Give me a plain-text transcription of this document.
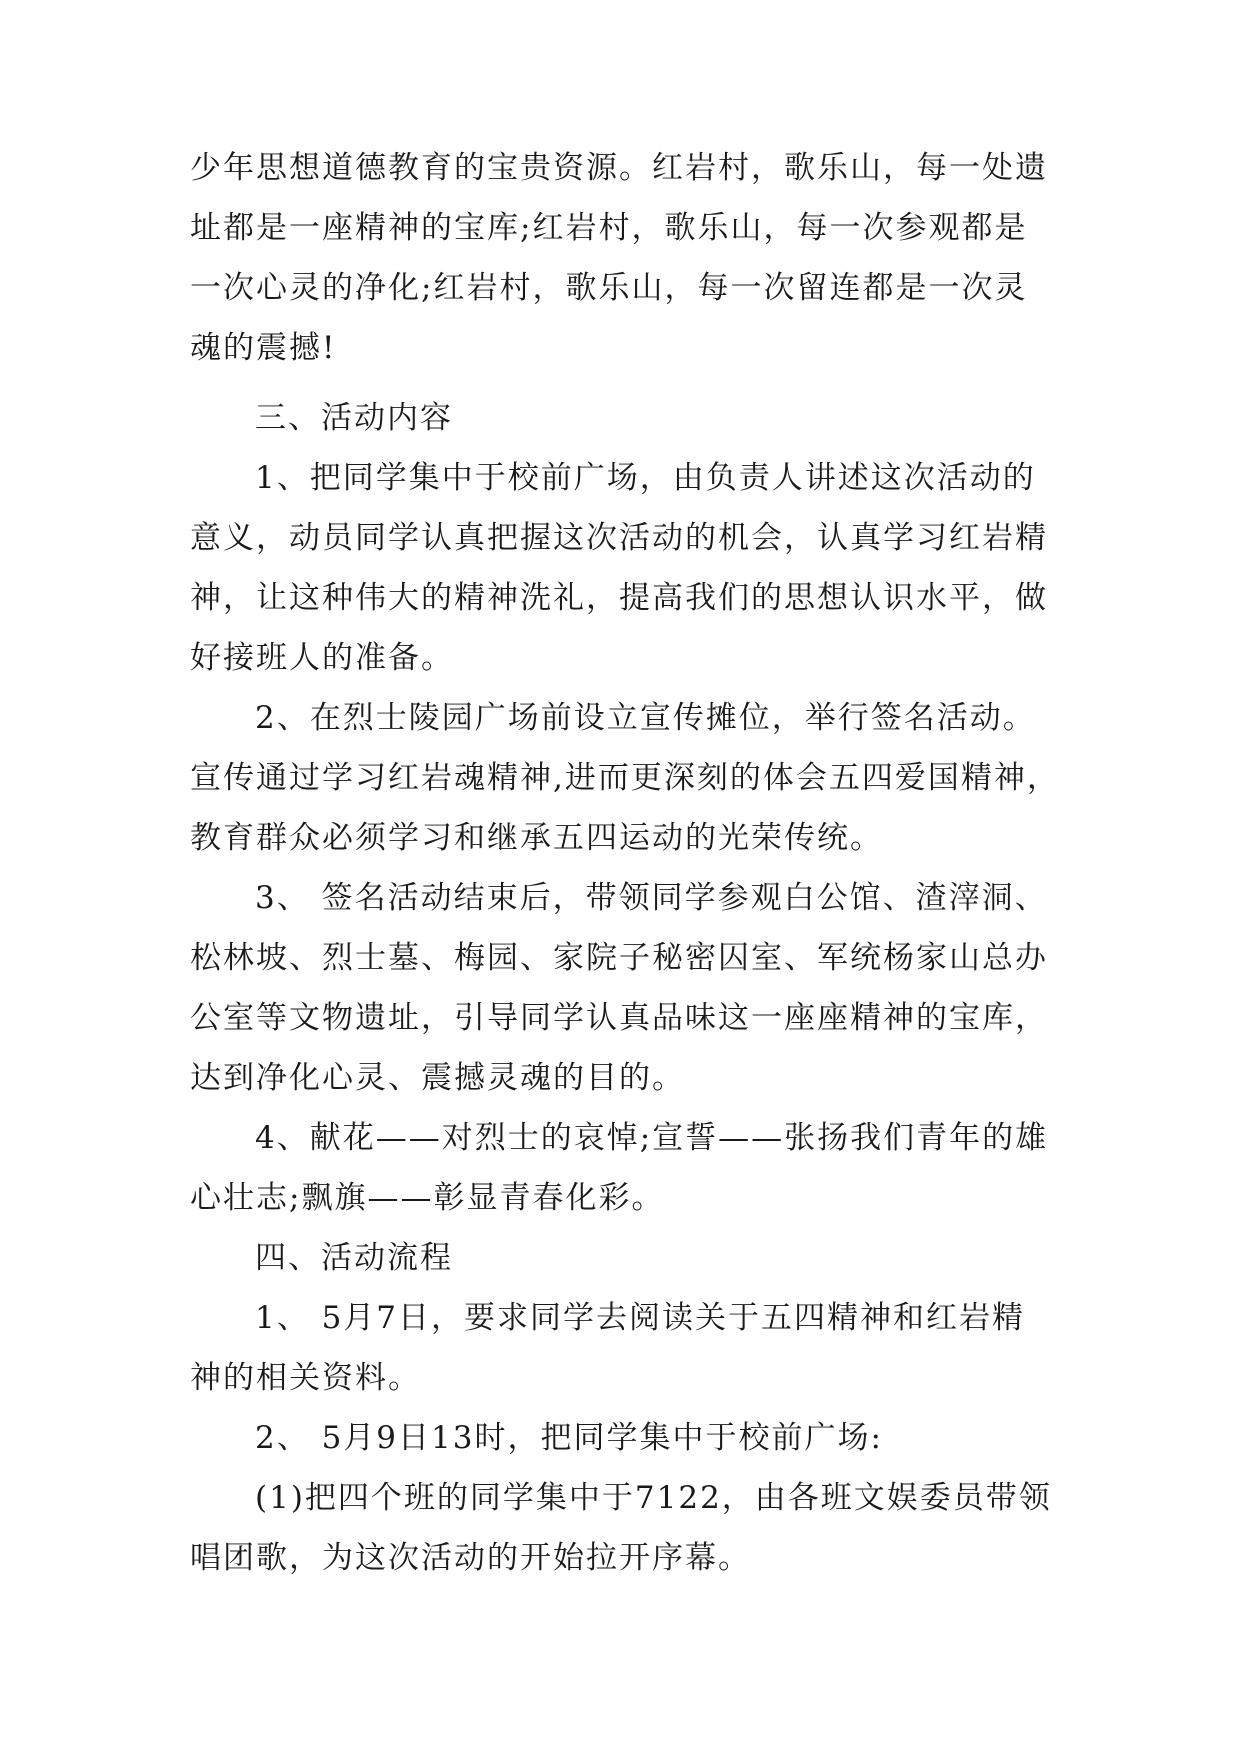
少年思想道德教育的宝贵资源。红岩村，歌乐山，每一处遗
址都是一座精神的宝库;红岩村，歌乐山，每一次参观都是
一次心灵的净化;红岩村，歌乐山，每一次留连都是一次灵
魂的震撼!
三、活动内容
1、把同学集中于校前广场，由负责人讲述这次活动的
意义，动员同学认真把握这次活动的机会，认真学习红岩精
神，让这种伟大的精神洗礼，提高我们的思想认识水平，做
好接班人的准备。
2、在烈士陵园广场前设立宣传摊位，举行签名活动。
宣传通过学习红岩魂精神,进而更深刻的体会五四爱国精神，
教育群众必须学习和继承五四运动的光荣传统。
3、 签名活动结束后，带领同学参观白公馆、渣滓洞、
松林坡、烈士墓、梅园、家院子秘密囚室、军统杨家山总办
公室等文物遗址，引导同学认真品味这一座座精神的宝库，
达到净化心灵、震撼灵魂的目的。
4、献花——对烈士的哀悼;宣誓——张扬我们青年的雄
心壮志;飘旗——彰显青春化彩。
四、活动流程
1、 5月7日，要求同学去阅读关于五四精神和红岩精
神的相关资料。
2、 5月9日13时，把同学集中于校前广场:
(1)把四个班的同学集中于7122，由各班文娱委员带领
唱团歌，为这次活动的开始拉开序幕。
